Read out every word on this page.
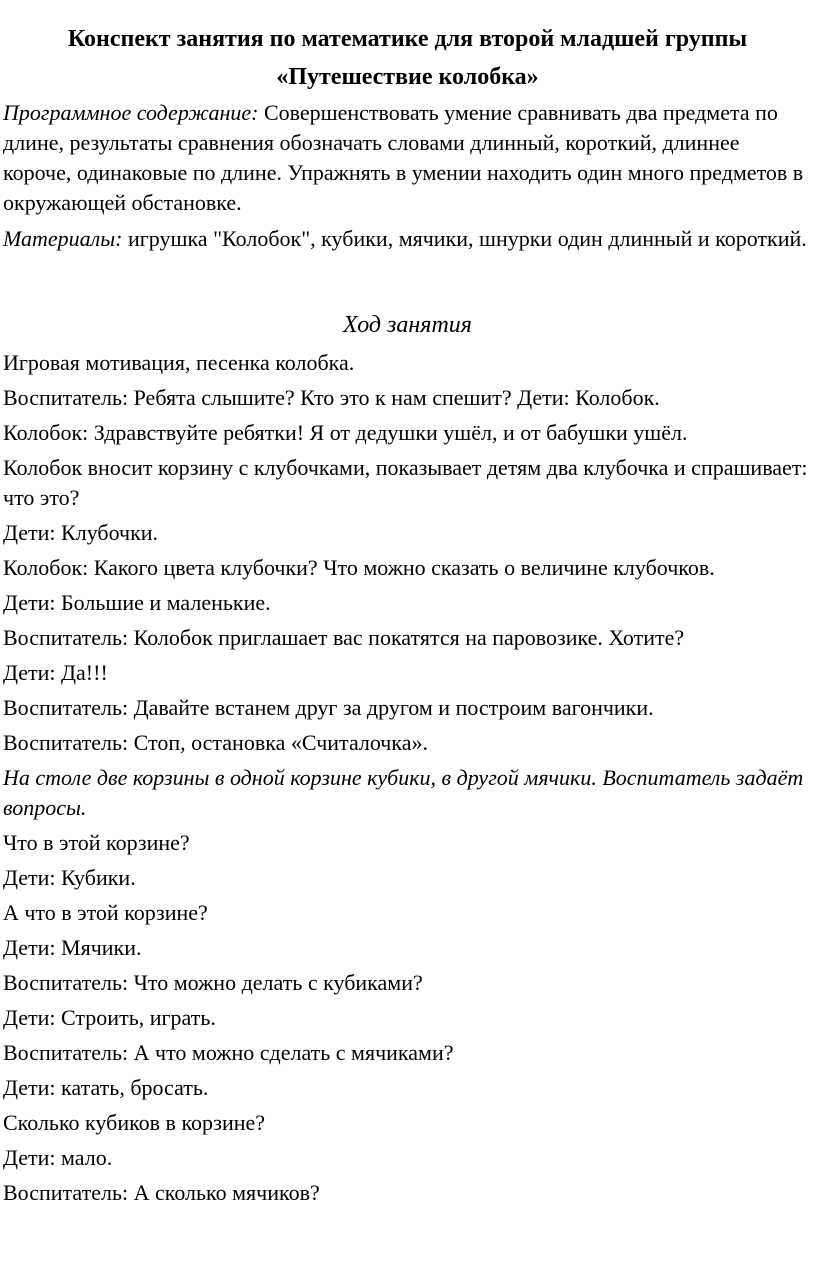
Конспект занятия по математике для второй младшей группы
«Путешествие колобка»

Программное содержание: Совершенствовать умение сравнивать два предмета по длине, результаты сравнения обозначать словами длинный, короткий, длиннее короче, одинаковые по длине. Упражнять в умении находить один много предметов в окружающей обстановке.

Материалы: игрушка "Колобок", кубики, мячики, шнурки один длинный и короткий.

Ход занятия

Игровая мотивация, песенка колобка.

Воспитатель: Ребята слышите? Кто это к нам спешит? Дети: Колобок.

Колобок: Здравствуйте ребятки! Я от дедушки ушёл, и от бабушки ушёл.

Колобок вносит корзину с клубочками, показывает детям два клубочка и спрашивает: что это?

Дети: Клубочки.

Колобок: Какого цвета клубочки? Что можно сказать о величине клубочков.

Дети: Большие и маленькие.

Воспитатель: Колобок приглашает вас покатятся на паровозике. Хотите?

Дети: Да!!!

Воспитатель: Давайте встанем друг за другом и построим вагончики.

Воспитатель: Стоп, остановка «Считалочка».

На столе две корзины в одной корзине кубики, в другой мячики. Воспитатель задаёт вопросы.

Что в этой корзине?

Дети: Кубики.

А что в этой корзине?

Дети: Мячики.

Воспитатель: Что можно делать с кубиками?

Дети: Строить, играть.

Воспитатель: А что можно сделать с мячиками?

Дети: катать, бросать.

Сколько кубиков в корзине?

Дети: мало.

Воспитатель: А сколько мячиков?
